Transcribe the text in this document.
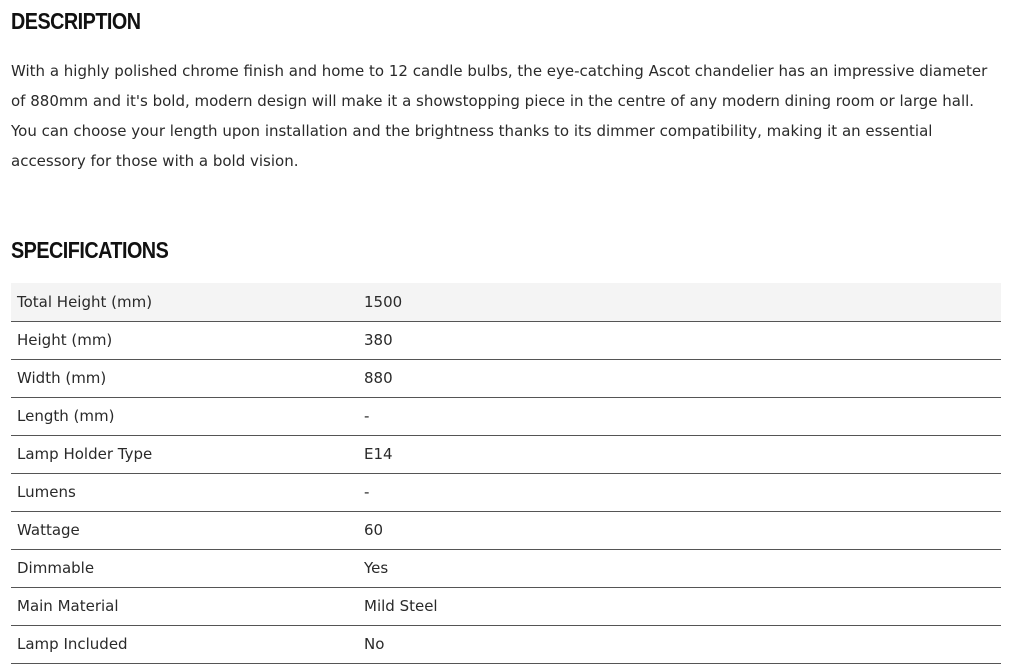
DESCRIPTION

With a highly polished chrome finish and home to 12 candle bulbs, the eye-catching Ascot chandelier has an impressive diameter
of 880mm and it's bold, modern design will make it a showstopping piece in the centre of any modern dining room or large hall.
You can choose your length upon installation and the brightness thanks to its dimmer compatibility, making it an essential
accessory for those with a bold vision.

SPECIFICATIONS
Total Height (mm)	1500
Height (mm)	380
Width (mm)	880
Length (mm)	-
Lamp Holder Type	E14
Lumens	-
Wattage	60
Dimmable	Yes
Main Material	Mild Steel
Lamp Included	No
